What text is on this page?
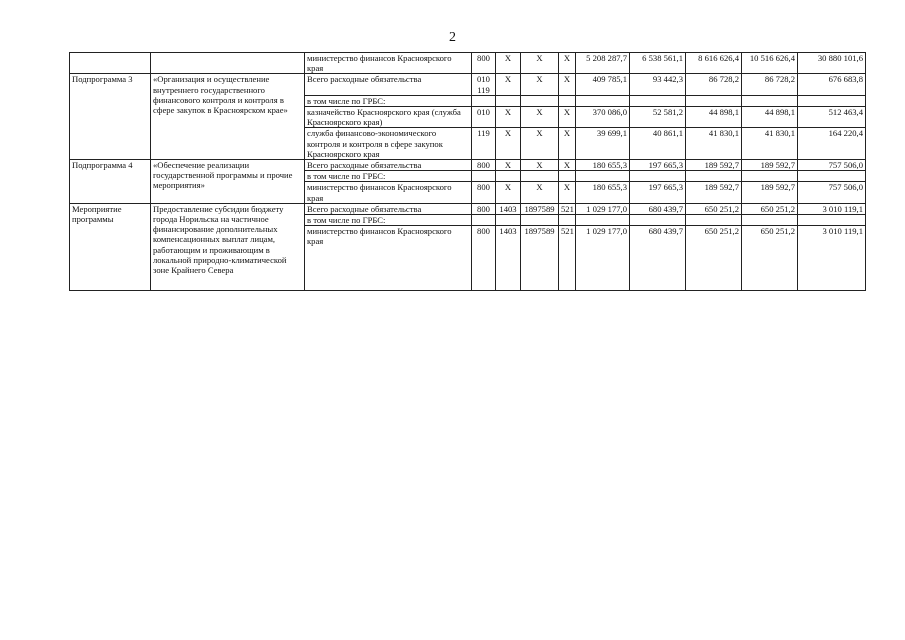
2
		министерство финансов Красноярского края	800	X	X	X	5 208 287,7	6 538 561,1	8 616 626,4	10 516 626,4	30 880 101,6
Подпрограмма 3	«Организация и осуществление внутреннего государственного финансового контроля и контроля в сфере закупок в Красноярском крае»	Всего расходные обязательства	010 119	X	X	X	409 785,1	93 442,3	86 728,2	86 728,2	676 683,8
		в том числе по ГРБС:									
		казначейство Красноярского края (служба Красноярского края)	010	X	X	X	370 086,0	52 581,2	44 898,1	44 898,1	512 463,4
		служба финансово-экономического контроля и контроля в сфере закупок Красноярского края	119	X	X	X	39 699,1	40 861,1	41 830,1	41 830,1	164 220,4
Подпрограмма 4	«Обеспечение реализации государственной программы и прочие мероприятия»	Всего расходные обязательства	800	X	X	X	180 655,3	197 665,3	189 592,7	189 592,7	757 506,0
		в том числе по ГРБС:									
		министерство финансов Красноярского края	800	X	X	X	180 655,3	197 665,3	189 592,7	189 592,7	757 506,0
Мероприятие программы	Предоставление субсидии бюджету города Норильска на частичное финансирование дополнительных компенсационных выплат лицам, работающим и проживающим в локальной природно-климатической зоне Крайнего Севера	Всего расходные обязательства	800	1403	1897589	521	1 029 177,0	680 439,7	650 251,2	650 251,2	3 010 119,1
		в том числе по ГРБС:									
		министерство финансов Красноярского края	800	1403	1897589	521	1 029 177,0	680 439,7	650 251,2	650 251,2	3 010 119,1
